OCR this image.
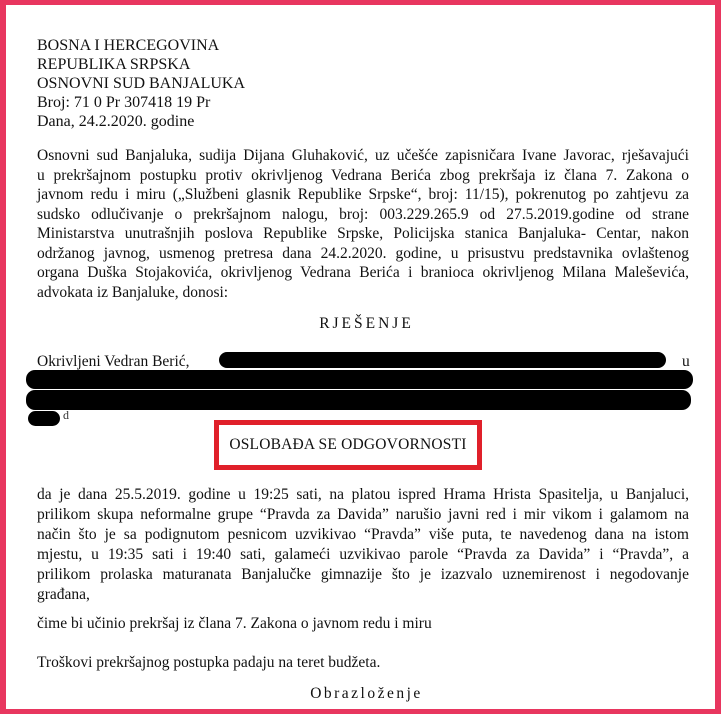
BOSNA I HERCEGOVINA
REPUBLIKA SRPSKA
OSNOVNI SUD BANJALUKA
Broj: 71 0 Pr 307418 19 Pr
Dana, 24.2.2020. godine
Osnovni sud Banjaluka, sudija Dijana Gluhaković, uz učešće zapisničara Ivane Javorac, rješavajući
u prekršajnom postupku protiv okrivljenog Vedrana Berića zbog prekršaja iz člana 7. Zakona o
javnom redu i miru („Službeni glasnik Republike Srpske“, broj: 11/15), pokrenutog po zahtjevu za
sudsko odlučivanje o prekršajnom nalogu, broj: 003.229.265.9 od 27.5.2019.godine od strane
Ministarstva unutrašnjih poslova Republike Srpske, Policijska stanica Banjaluka- Centar, nakon
održanog javnog, usmenog pretresa dana 24.2.2020. godine, u prisustvu predstavnika ovlaštenog
organa Duška Stojakovića, okrivljenog Vedrana Berića i branioca okrivljenog Milana Maleševića,
advokata iz Banjaluke, donosi:
RJEŠENJE
Okrivljeni Vedran Berić,	u
d
OSLOBAĐA SE ODGOVORNOSTI
da je dana 25.5.2019. godine u 19:25 sati, na platou ispred Hrama Hrista Spasitelja, u Banjaluci,
prilikom skupa neformalne grupe “Pravda za Davida” narušio javni red i mir vikom i galamom na
način što je sa podignutom pesnicom uzvikivao “Pravda” više puta, te navedenog dana na istom
mjestu, u 19:35 sati i 19:40 sati, galameći uzvikivao parole “Pravda za Davida” i “Pravda”, a
prilikom prolaska maturanata Banjalučke gimnazije što je izazvalo uznemirenost i negodovanje
građana,
čime bi učinio prekršaj iz člana 7. Zakona o javnom redu i miru
Troškovi prekršajnog postupka padaju na teret budžeta.
Obrazloženje
